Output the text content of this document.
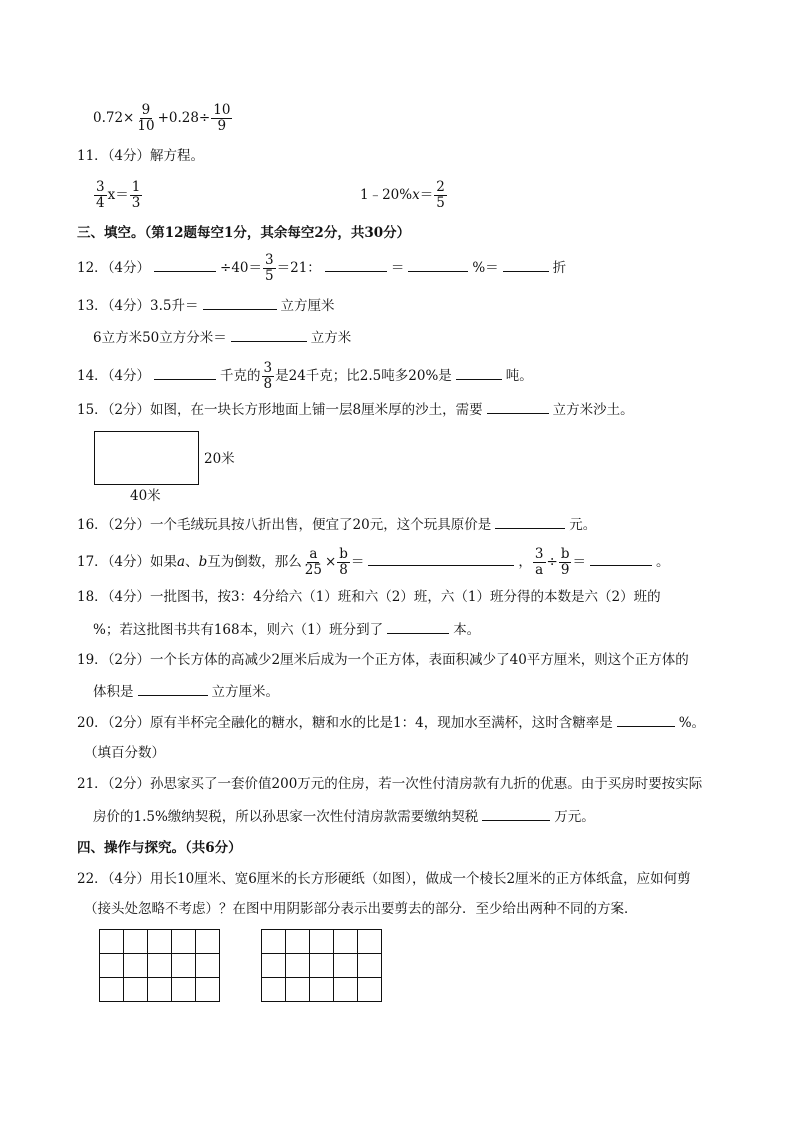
$0.72\times \frac{9}{10} +0.28\div \frac{10}{9}$
11．（4分）解方程。
$\frac{3}{4} x= \frac{1}{3}$	1﹣20%x＝ $\frac{2}{5}$
三、填空。（第12题每空1分，其余每空2分，共30分）
12．（4分）	$\div 40= \frac{3}{5} =21$：	＝	%＝	折
13．（4分）3.5升＝	立方厘米
6立方米50立方分米＝	立方米
14．（4分）	千克的 $\frac{3}{8}$ 是24千克；比2.5吨多20%是	吨。
15．（2分）如图，在一块长方形地面上铺一层8厘米厚的沙土，需要	立方米沙土。
20米
40米
16．（2分）一个毛绒玩具按八折出售，便宜了20元，这个玩具原价是	元。
17．（4分）如果a、b互为倒数，那么 $\frac{a}{25} \times \frac{b}{8}$ ＝	， $\frac{3}{a} \div \frac{b}{9}$ ＝	。
18．（4分）一批图书，按3：4分给六（1）班和六（2）班，六（1）班分得的本数是六（2）班的
%；若这批图书共有168本，则六（1）班分到了	本。
19．（2分）一个长方体的高减少2厘米后成为一个正方体，表面积减少了40平方厘米，则这个正方体的
体积是	立方厘米。
20．（2分）原有半杯完全融化的糖水，糖和水的比是1：4，现加水至满杯，这时含糖率是	%。
（填百分数）
21．（2分）孙思家买了一套价值200万元的住房，若一次性付清房款有九折的优惠。由于买房时要按实际
房价的1.5%缴纳契税，所以孙思家一次性付清房款需要缴纳契税	万元。
四、操作与探究。（共6分）
22．（4分）用长10厘米、宽6厘米的长方形硬纸（如图），做成一个棱长2厘米的正方体纸盒，应如何剪
（接头处忽略不考虑）？在图中用阴影部分表示出要剪去的部分．至少给出两种不同的方案．
